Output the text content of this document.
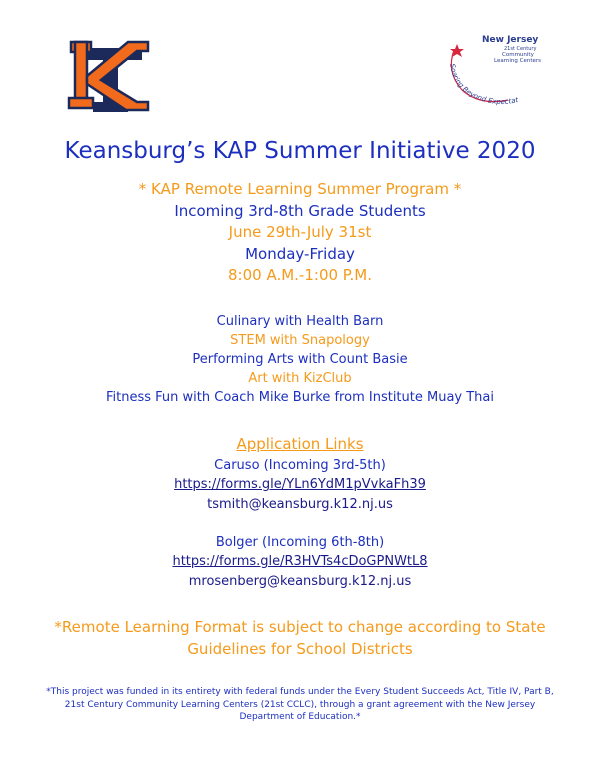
New Jersey
21st Century
Community
Learning Centers
Soaring Beyond Expectat
Keansburg’s KAP Summer Initiative 2020
* KAP Remote Learning Summer Program *
Incoming 3rd-8th Grade Students
June 29th-July 31st
Monday-Friday
8:00 A.M.-1:00 P.M.
Culinary with Health Barn
STEM with Snapology
Performing Arts with Count Basie
Art with KizClub
Fitness Fun with Coach Mike Burke from Institute Muay Thai
Application Links
Caruso (Incoming 3rd-5th)
https://forms.gle/YLn6YdM1pVvkaFh39
tsmith@keansburg.k12.nj.us
Bolger (Incoming 6th-8th)
https://forms.gle/R3HVTs4cDoGPNWtL8
mrosenberg@keansburg.k12.nj.us
*Remote Learning Format is subject to change according to State
Guidelines for School Districts
*This project was funded in its entirety with federal funds under the Every Student Succeeds Act, Title IV, Part B, 21st Century Community Learning Centers (21st CCLC), through a grant agreement with the New Jersey Department of Education.*
